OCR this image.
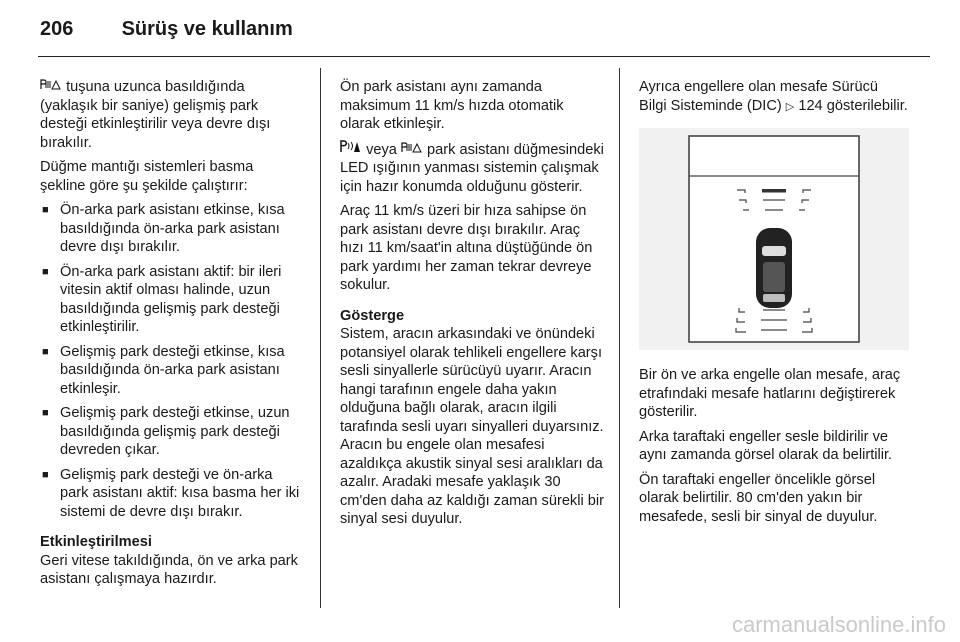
206 Sürüş ve kullanım

tuşuna uzunca basıldığında (yaklaşık bir saniye) gelişmiş park desteği etkinleştirilir veya devre dışı bırakılır.

Düğme mantığı sistemleri basma şekline göre şu şekilde çalıştırır:

■ Ön-arka park asistanı etkinse, kısa basıldığında ön-arka park asistanı devre dışı bırakılır.
■ Ön-arka park asistanı aktif: bir ileri vitesin aktif olması halinde, uzun basıldığında gelişmiş park desteği etkinleştirilir.
■ Gelişmiş park desteği etkinse, kısa basıldığında ön-arka park asistanı etkinleşir.
■ Gelişmiş park desteği etkinse, uzun basıldığında gelişmiş park desteği devreden çıkar.
■ Gelişmiş park desteği ve ön-arka park asistanı aktif: kısa basma her iki sistemi de devre dışı bırakır.
Etkinleştirilmesi

Geri vitese takıldığında, ön ve arka park asistanı çalışmaya hazırdır.

Ön park asistanı aynı zamanda maksimum 11 km/s hızda otomatik olarak etkinleşir.

veya park asistanı düğmesindeki LED ışığının yanması sistemin çalışmak için hazır konumda olduğunu gösterir.

Araç 11 km/s üzeri bir hıza sahipse ön park asistanı devre dışı bırakılır. Araç hızı 11 km/saat'in altına düştüğünde ön park yardımı her zaman tekrar devreye sokulur.

Gösterge

Sistem, aracın arkasındaki ve önündeki potansiyel olarak tehlikeli engellere karşı sesli sinyallerle sürücüyü uyarır. Aracın hangi tarafının engele daha yakın olduğuna bağlı olarak, aracın ilgili tarafında sesli uyarı sinyalleri duyarsınız. Aracın bu engele olan mesafesi azaldıkça akustik sinyal sesi aralıkları da azalır. Aradaki mesafe yaklaşık 30 cm'den daha az kaldığı zaman sürekli bir sinyal sesi duyulur.

Ayrıca engellere olan mesafe Sürücü Bilgi Sisteminde (DIC) ▷ 124 gösterilebilir.

Bir ön ve arka engelle olan mesafe, araç etrafındaki mesafe hatlarını değiştirerek gösterilir.

Arka taraftaki engeller sesle bildirilir ve aynı zamanda görsel olarak da belirtilir.

Ön taraftaki engeller öncelikle görsel olarak belirtilir. 80 cm'den yakın bir mesafede, sesli bir sinyal de duyulur.

carmanualsonline.info
